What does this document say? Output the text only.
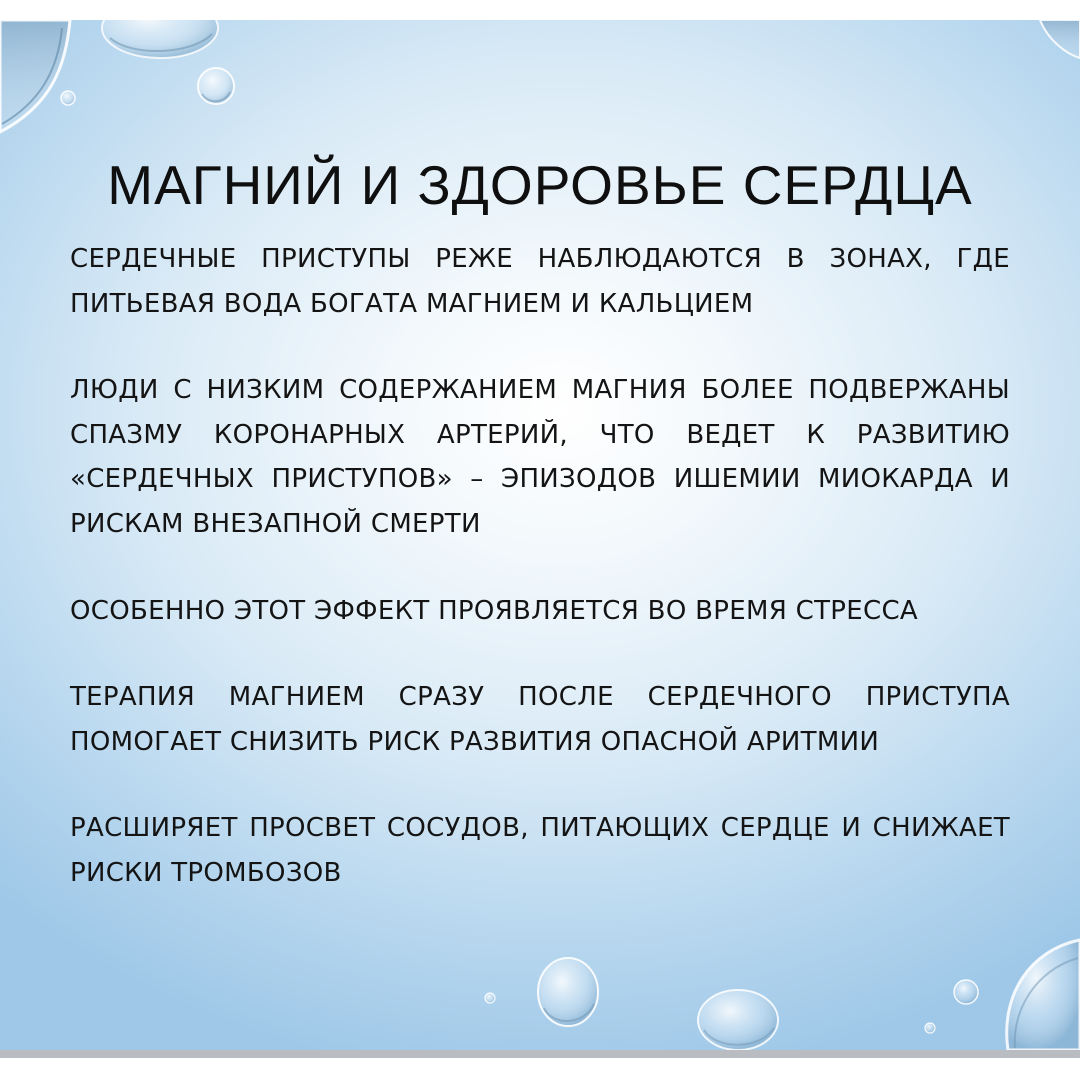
МАГНИЙ И ЗДОРОВЬЕ СЕРДЦА

СЕРДЕЧНЫЕ ПРИСТУПЫ РЕЖЕ НАБЛЮДАЮТСЯ В ЗОНАХ, ГДЕ ПИТЬЕВАЯ ВОДА БОГАТА МАГНИЕМ И КАЛЬЦИЕМ

ЛЮДИ С НИЗКИМ СОДЕРЖАНИЕМ МАГНИЯ БОЛЕЕ ПОДВЕРЖАНЫ СПАЗМУ КОРОНАРНЫХ АРТЕРИЙ, ЧТО ВЕДЕТ К РАЗВИТИЮ «СЕРДЕЧНЫХ ПРИСТУПОВ» – ЭПИЗОДОВ ИШЕМИИ МИОКАРДА И РИСКАМ ВНЕЗАПНОЙ СМЕРТИ

ОСОБЕННО ЭТОТ ЭФФЕКТ ПРОЯВЛЯЕТСЯ ВО ВРЕМЯ СТРЕССА

ТЕРАПИЯ МАГНИЕМ СРАЗУ ПОСЛЕ СЕРДЕЧНОГО ПРИСТУПА ПОМОГАЕТ СНИЗИТЬ РИСК РАЗВИТИЯ ОПАСНОЙ АРИТМИИ

РАСШИРЯЕТ ПРОСВЕТ СОСУДОВ, ПИТАЮЩИХ СЕРДЦЕ И СНИЖАЕТ РИСКИ ТРОМБОЗОВ
